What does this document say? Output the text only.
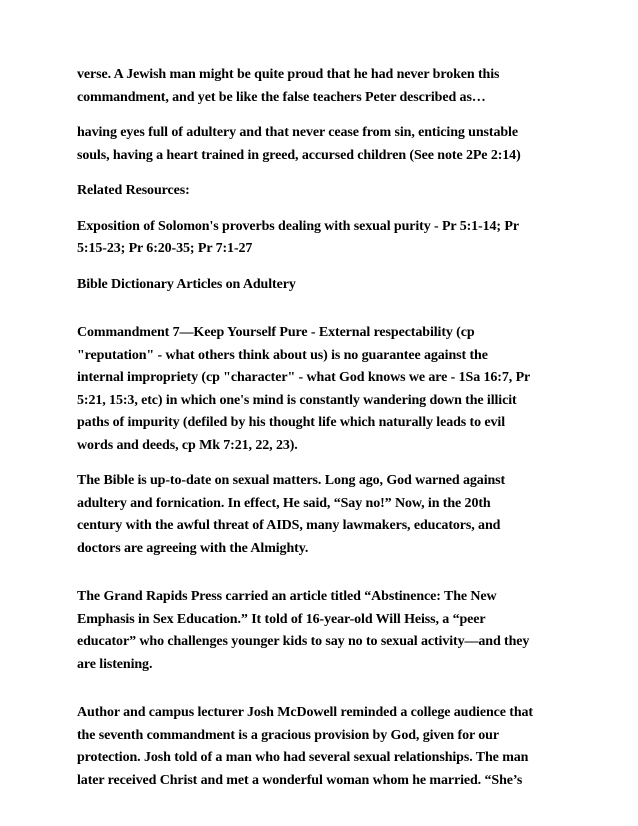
verse. A Jewish man might be quite proud that he had never broken this
commandment, and yet be like the false teachers Peter described as…

having eyes full of adultery and that never cease from sin, enticing unstable
souls, having a heart trained in greed, accursed children (See note 2Pe 2:14)

Related Resources:

Exposition of Solomon's proverbs dealing with sexual purity - Pr 5:1-14; Pr
5:15-23; Pr 6:20-35; Pr 7:1-27

Bible Dictionary Articles on Adultery

Commandment 7—Keep Yourself Pure - External respectability (cp
"reputation" - what others think about us) is no guarantee against the
internal impropriety (cp "character" - what God knows we are - 1Sa 16:7, Pr
5:21, 15:3, etc) in which one's mind is constantly wandering down the illicit
paths of impurity (defiled by his thought life which naturally leads to evil
words and deeds, cp Mk 7:21, 22, 23).

The Bible is up-to-date on sexual matters. Long ago, God warned against
adultery and fornication. In effect, He said, “Say no!” Now, in the 20th
century with the awful threat of AIDS, many lawmakers, educators, and
doctors are agreeing with the Almighty.

The Grand Rapids Press carried an article titled “Abstinence: The New
Emphasis in Sex Education.” It told of 16-year-old Will Heiss, a “peer
educator” who challenges younger kids to say no to sexual activity—and they
are listening.

Author and campus lecturer Josh McDowell reminded a college audience that
the seventh commandment is a gracious provision by God, given for our
protection. Josh told of a man who had several sexual relationships. The man
later received Christ and met a wonderful woman whom he married. “She’s
